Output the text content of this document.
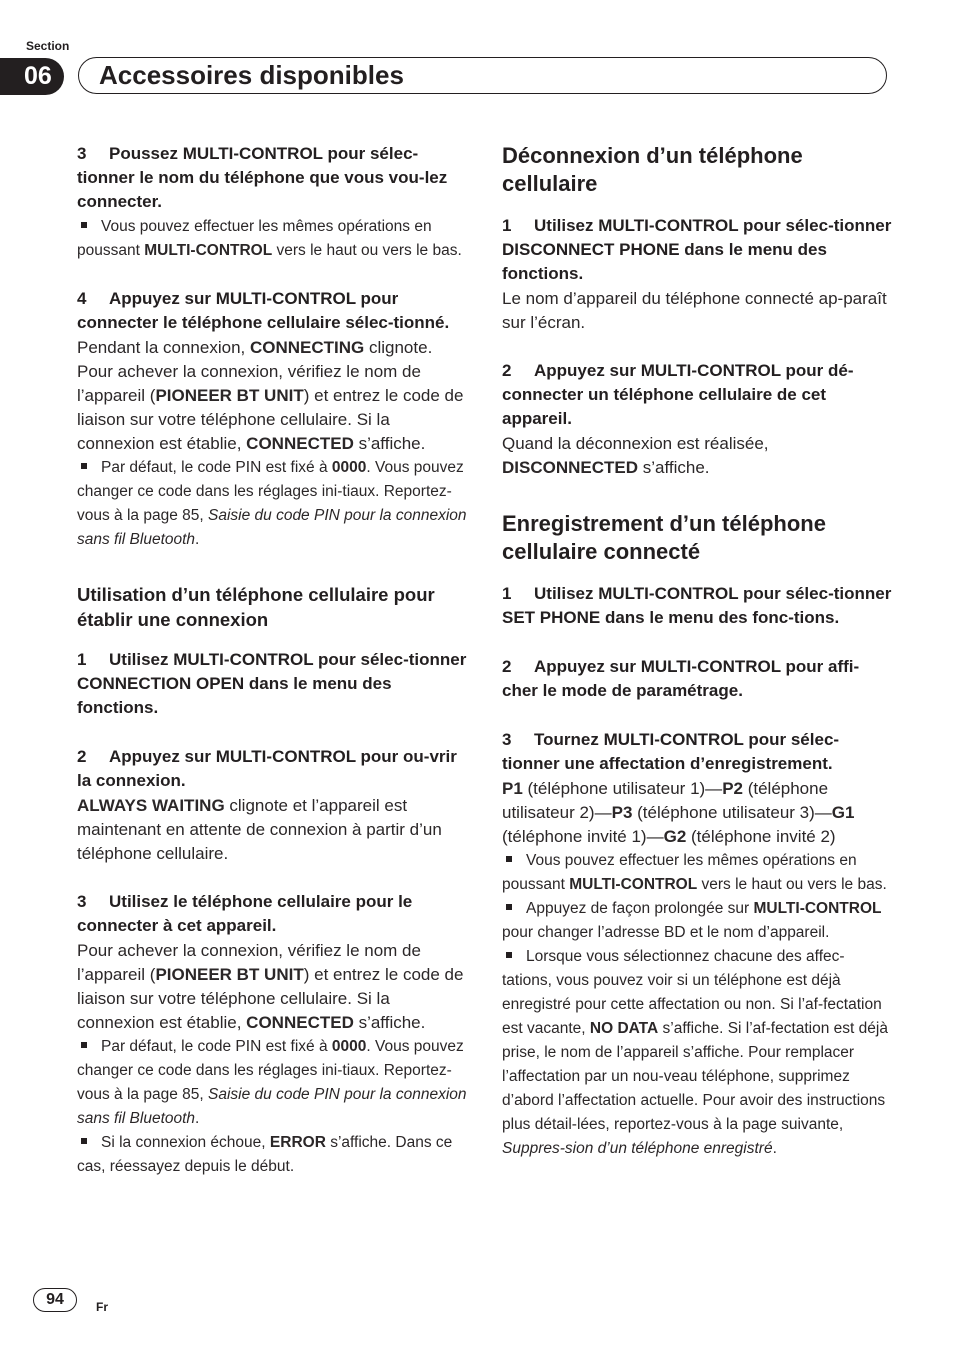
Section
06	Accessoires disponibles

3 Poussez MULTI-CONTROL pour sélec-tionner le nom du téléphone que vous vou-lez connecter.

Vous pouvez effectuer les mêmes opérations en poussant MULTI-CONTROL vers le haut ou vers le bas.

4 Appuyez sur MULTI-CONTROL pour connecter le téléphone cellulaire sélec-tionné.

Pendant la connexion, CONNECTING clignote. Pour achever la connexion, vérifiez le nom de l’appareil (PIONEER BT UNIT) et entrez le code de liaison sur votre téléphone cellulaire. Si la connexion est établie, CONNECTED s’affiche.

Par défaut, le code PIN est fixé à 0000. Vous pouvez changer ce code dans les réglages ini-tiaux. Reportez-vous à la page 85, Saisie du code PIN pour la connexion sans fil Bluetooth.

Utilisation d’un téléphone cellulaire pour établir une connexion

1 Utilisez MULTI-CONTROL pour sélec-tionner CONNECTION OPEN dans le menu des fonctions.

2 Appuyez sur MULTI-CONTROL pour ou-vrir la connexion.

ALWAYS WAITING clignote et l’appareil est maintenant en attente de connexion à partir d’un téléphone cellulaire.

3 Utilisez le téléphone cellulaire pour le connecter à cet appareil.

Pour achever la connexion, vérifiez le nom de l’appareil (PIONEER BT UNIT) et entrez le code de liaison sur votre téléphone cellulaire. Si la connexion est établie, CONNECTED s’affiche.

Par défaut, le code PIN est fixé à 0000. Vous pouvez changer ce code dans les réglages ini-tiaux. Reportez-vous à la page 85, Saisie du code PIN pour la connexion sans fil Bluetooth.

Si la connexion échoue, ERROR s’affiche. Dans ce cas, réessayez depuis le début.

Déconnexion d’un téléphone cellulaire

1 Utilisez MULTI-CONTROL pour sélec-tionner DISCONNECT PHONE dans le menu des fonctions.

Le nom d’appareil du téléphone connecté ap-paraît sur l’écran.

2 Appuyez sur MULTI-CONTROL pour dé-connecter un téléphone cellulaire de cet appareil.

Quand la déconnexion est réalisée, DISCONNECTED s’affiche.

Enregistrement d’un téléphone cellulaire connecté

1 Utilisez MULTI-CONTROL pour sélec-tionner SET PHONE dans le menu des fonc-tions.

2 Appuyez sur MULTI-CONTROL pour affi-cher le mode de paramétrage.

3 Tournez MULTI-CONTROL pour sélec-tionner une affectation d’enregistrement.

P1 (téléphone utilisateur 1)—P2 (téléphone utilisateur 2)—P3 (téléphone utilisateur 3)—G1 (téléphone invité 1)—G2 (téléphone invité 2)

Vous pouvez effectuer les mêmes opérations en poussant MULTI-CONTROL vers le haut ou vers le bas.

Appuyez de façon prolongée sur MULTI-CONTROL pour changer l’adresse BD et le nom d’appareil.

Lorsque vous sélectionnez chacune des affec-tations, vous pouvez voir si un téléphone est déjà enregistré pour cette affectation ou non. Si l’af-fectation est vacante, NO DATA s’affiche. Si l’af-fectation est déjà prise, le nom de l’appareil s’affiche. Pour remplacer l’affectation par un nou-veau téléphone, supprimez d’abord l’affectation actuelle. Pour avoir des instructions plus détail-lées, reportez-vous à la page suivante, Suppres-sion d’un téléphone enregistré.

94	Fr
